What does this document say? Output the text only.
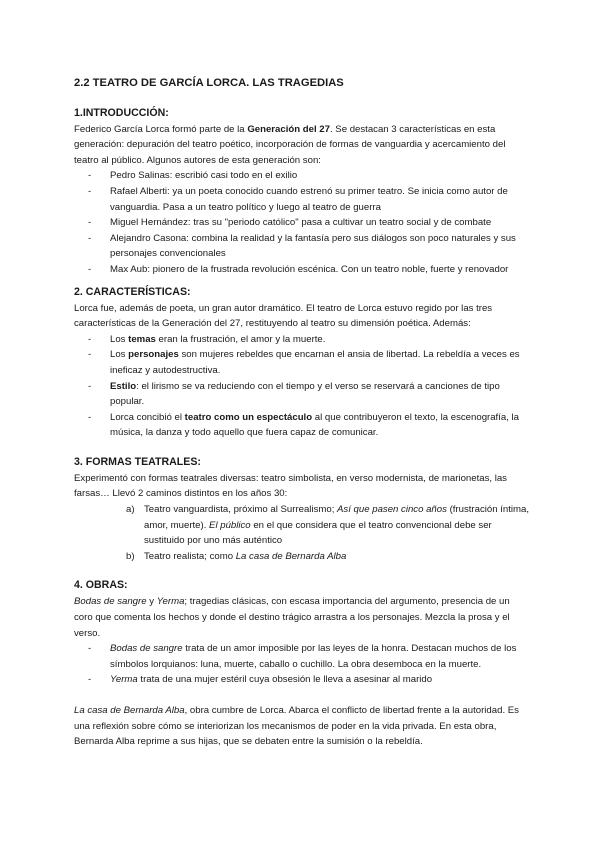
2.2 TEATRO DE GARCÍA LORCA. LAS TRAGEDIAS
1.INTRODUCCIÓN:

Federico García Lorca formó parte de la Generación del 27. Se destacan 3 características en esta generación: depuración del teatro poético, incorporación de formas de vanguardia y acercamiento del teatro al público. Algunos autores de esta generación son:

- Pedro Salinas: escribió casi todo en el exilio
- Rafael Alberti: ya un poeta conocido cuando estrenó su primer teatro. Se inicia como autor de vanguardia. Pasa a un teatro político y luego al teatro de guerra
- Miguel Hernández: tras su "periodo católico" pasa a cultivar un teatro social y de combate
- Alejandro Casona: combina la realidad y la fantasía pero sus diálogos son poco naturales y sus personajes convencionales
- Max Aub: pionero de la frustrada revolución escénica. Con un teatro noble, fuerte y renovador
2. CARACTERÍSTICAS:

Lorca fue, además de poeta, un gran autor dramático. El teatro de Lorca estuvo regido por las tres características de la Generación del 27, restituyendo al teatro su dimensión poética. Además:

- Los temas eran la frustración, el amor y la muerte.
- Los personajes son mujeres rebeldes que encarnan el ansia de libertad. La rebeldía a veces es ineficaz y autodestructiva.
- Estilo: el lirismo se va reduciendo con el tiempo y el verso se reservará a canciones de tipo popular.
- Lorca concibió el teatro como un espectáculo al que contribuyeron el texto, la escenografía, la música, la danza y todo aquello que fuera capaz de comunicar.
3. FORMAS TEATRALES:

Experimentó con formas teatrales diversas: teatro simbolista, en verso modernista, de marionetas, las farsas… Llevó 2 caminos distintos en los años 30:

a) Teatro vanguardista, próximo al Surrealismo; Así que pasen cinco años (frustración íntima, amor, muerte). El público en el que considera que el teatro convencional debe ser sustituido por uno más auténtico
b) Teatro realista; como La casa de Bernarda Alba
4. OBRAS:

Bodas de sangre y Yerma; tragedias clásicas, con escasa importancia del argumento, presencia de un coro que comenta los hechos y donde el destino trágico arrastra a los personajes. Mezcla la prosa y el verso.

- Bodas de sangre trata de un amor imposible por las leyes de la honra. Destacan muchos de los símbolos lorquianos: luna, muerte, caballo o cuchillo. La obra desemboca en la muerte.
- Yerma trata de una mujer estéril cuya obsesión le lleva a asesinar al marido

La casa de Bernarda Alba, obra cumbre de Lorca. Abarca el conflicto de libertad frente a la autoridad. Es una reflexión sobre cómo se interiorizan los mecanismos de poder en la vida privada. En esta obra, Bernarda Alba reprime a sus hijas, que se debaten entre la sumisión o la rebeldía.
